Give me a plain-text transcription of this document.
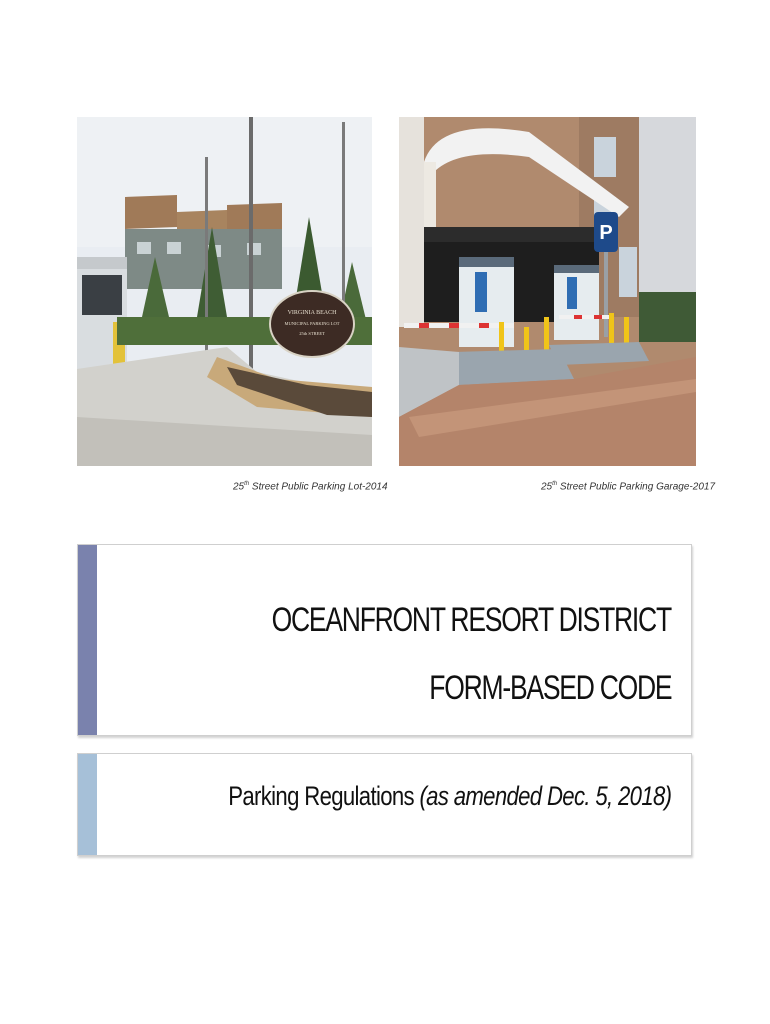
VIRGINIA BEACH
MUNICIPAL PARKING LOT
25th STREET
P
25th Street Public Parking Lot-2014	25th Street Public Parking Garage-2017
OCEANFRONT RESORT DISTRICT
FORM-BASED CODE
Parking Regulations (as amended Dec. 5, 2018)
